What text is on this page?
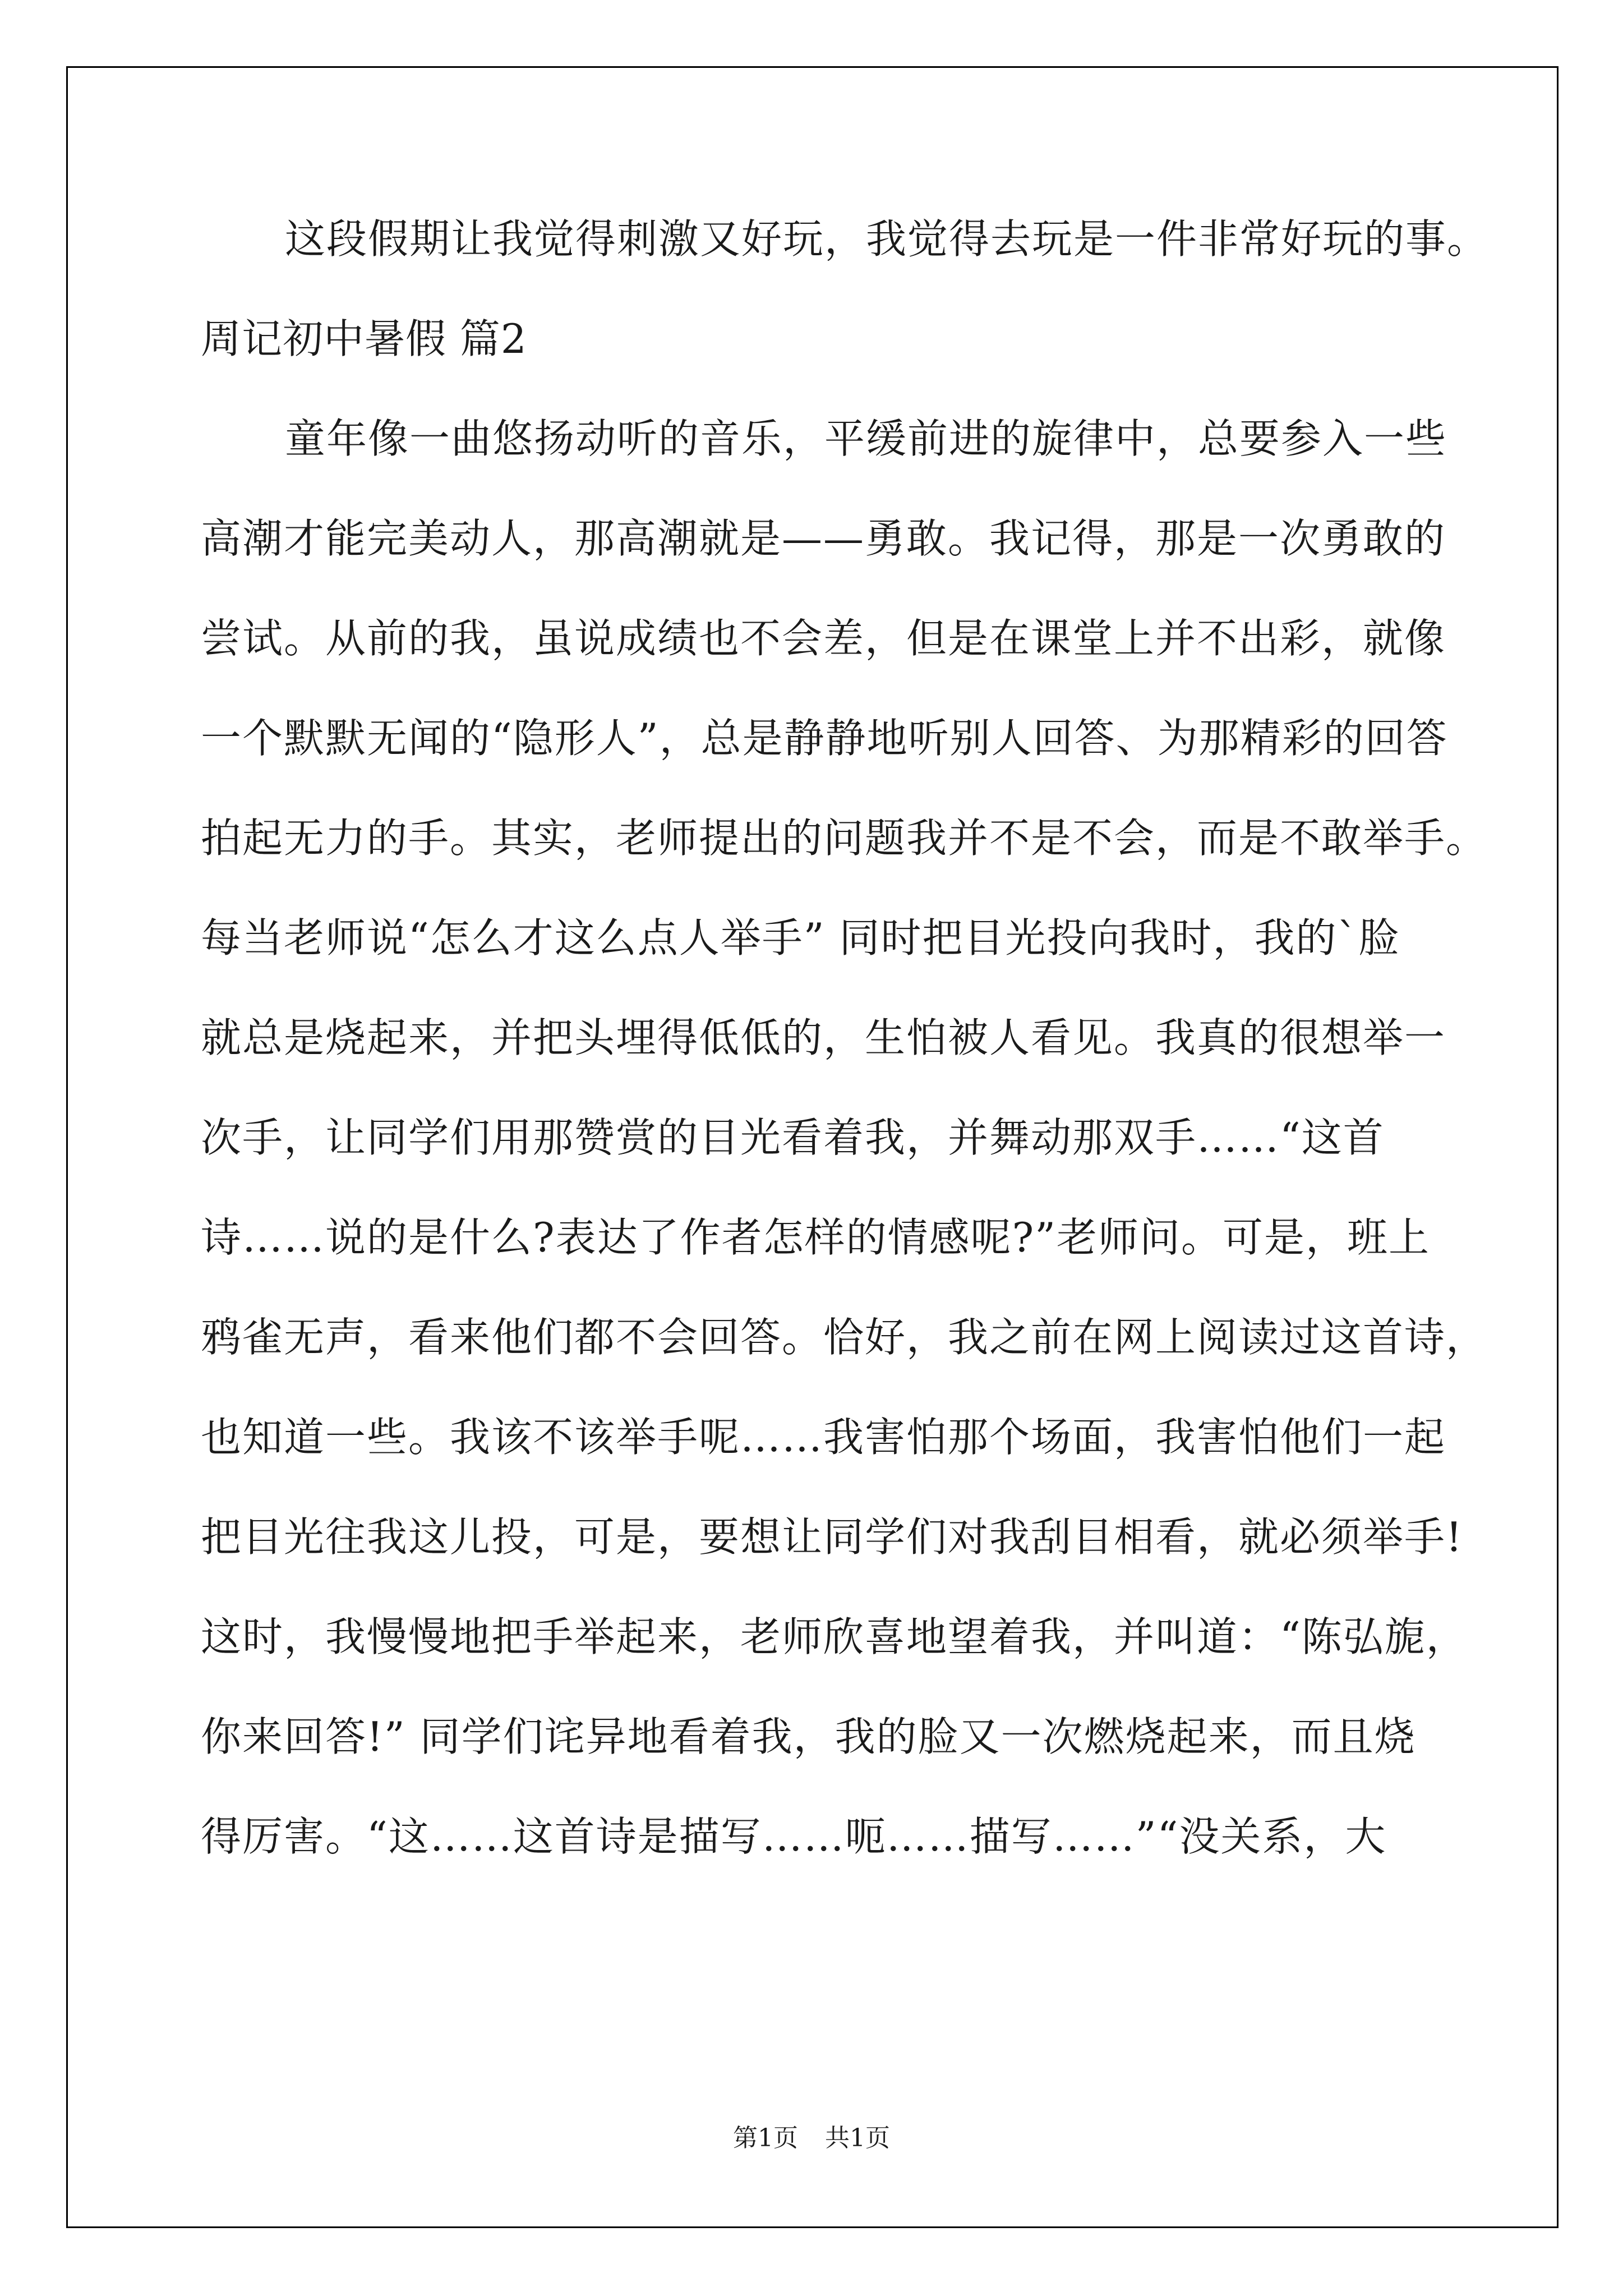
这段假期让我觉得刺激又好玩，我觉得去玩是一件非常好玩的事。
周记初中暑假 篇2
童年像一曲悠扬动听的音乐，平缓前进的旋律中，总要参入一些
高潮才能完美动人，那高潮就是——勇敢。我记得，那是一次勇敢的
尝试。从前的我，虽说成绩也不会差，但是在课堂上并不出彩，就像
一个默默无闻的“隐形人”，总是静静地听别人回答、为那精彩的回答
拍起无力的手。其实，老师提出的问题我并不是不会，而是不敢举手。
每当老师说“怎么才这么点人举手” 同时把目光投向我时，我的`脸
就总是烧起来，并把头埋得低低的，生怕被人看见。我真的很想举一
次手，让同学们用那赞赏的目光看着我，并舞动那双手……“这首
诗……说的是什么?表达了作者怎样的情感呢?”老师问。可是，班上
鸦雀无声，看来他们都不会回答。恰好，我之前在网上阅读过这首诗，
也知道一些。我该不该举手呢……我害怕那个场面，我害怕他们一起
把目光往我这儿投，可是，要想让同学们对我刮目相看，就必须举手!
这时，我慢慢地把手举起来，老师欣喜地望着我，并叫道：“陈弘旎，
你来回答!” 同学们诧异地看着我，我的脸又一次燃烧起来，而且烧
得厉害。“这……这首诗是描写……呃……描写……”“没关系，大
第1页 共1页
